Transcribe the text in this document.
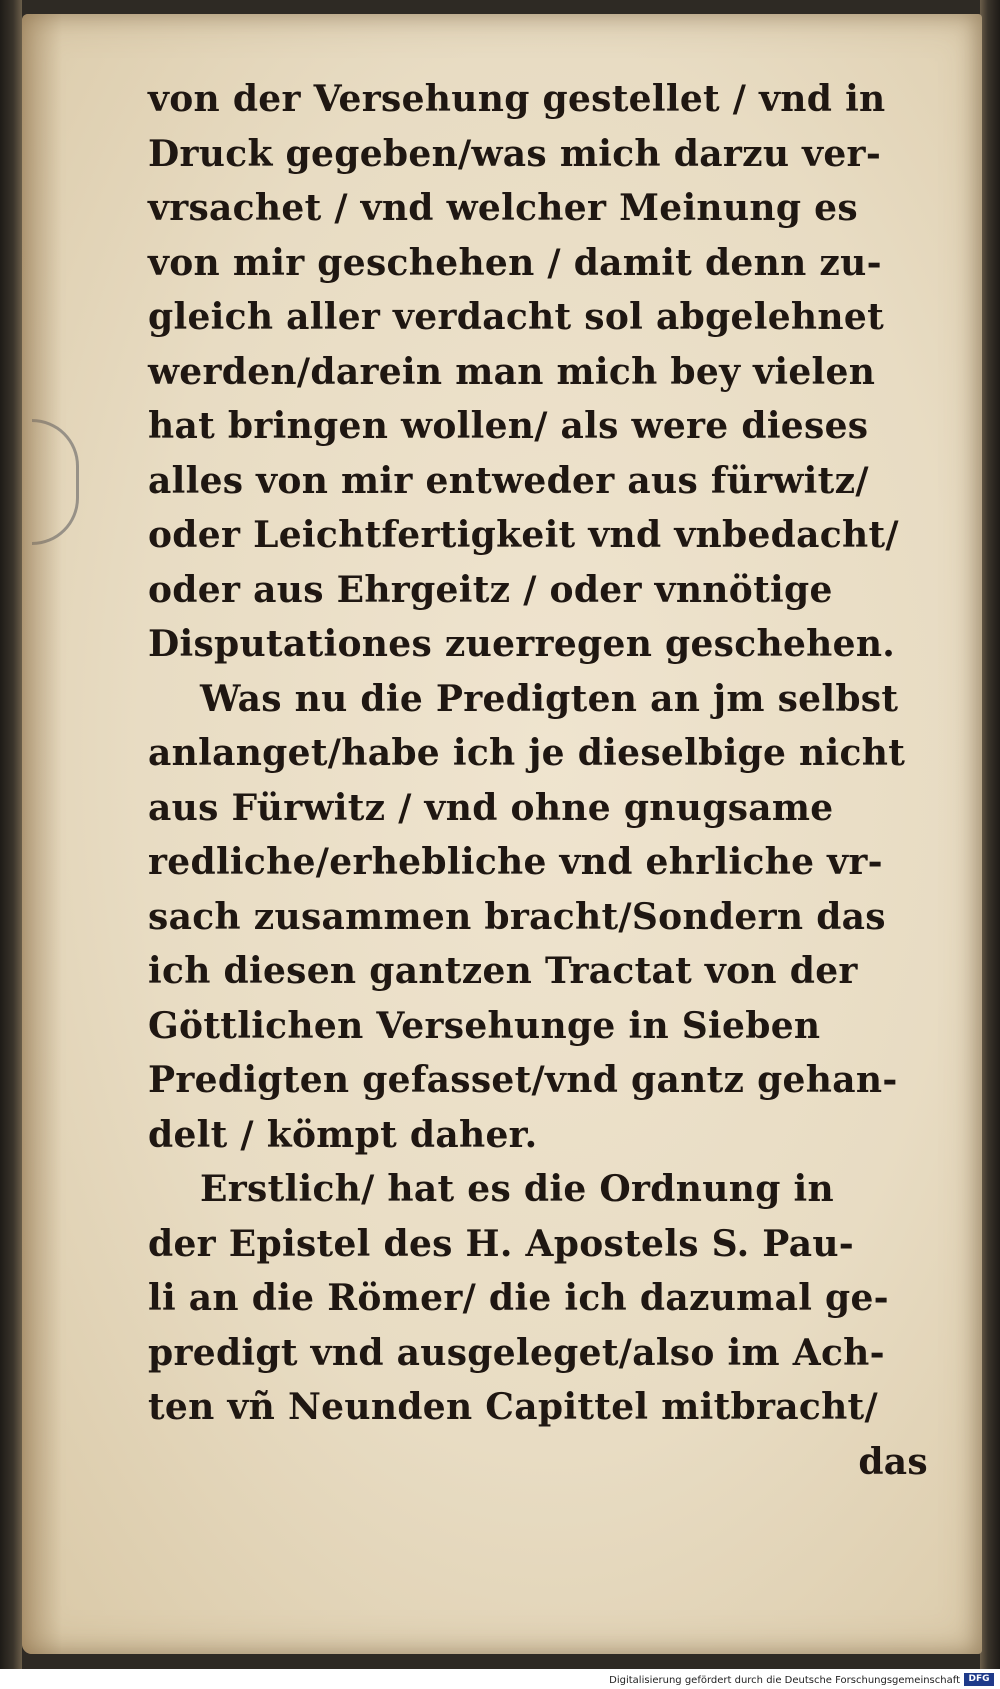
von der Versehung gestellet / vnd in
Druck gegeben/was mich darzu ver-
vrsachet / vnd welcher Meinung es
von mir geschehen / damit denn zu-
gleich aller verdacht sol abgelehnet
werden/darein man mich bey vielen
hat bringen wollen/ als were dieses
alles von mir entweder aus fürwitz/
oder Leichtfertigkeit vnd vnbedacht/
oder aus Ehrgeitz / oder vnnötige
Disputationes zuerregen geschehen.
Was nu die Predigten an jm selbst
anlanget/habe ich je dieselbige nicht
aus Fürwitz / vnd ohne gnugsame
redliche/erhebliche vnd ehrliche vr-
sach zusammen bracht/Sondern das
ich diesen gantzen Tractat von der
Göttlichen Versehunge in Sieben
Predigten gefasset/vnd gantz gehan-
delt / kömpt daher.
Erstlich/ hat es die Ordnung in
der Epistel des H. Apostels S. Pau-
li an die Römer/ die ich dazumal ge-
predigt vnd ausgeleget/also im Ach-
ten vñ Neunden Capittel mitbracht/
das
Digitalisierung gefördert durch die Deutsche Forschungsgemeinschaft DFG
